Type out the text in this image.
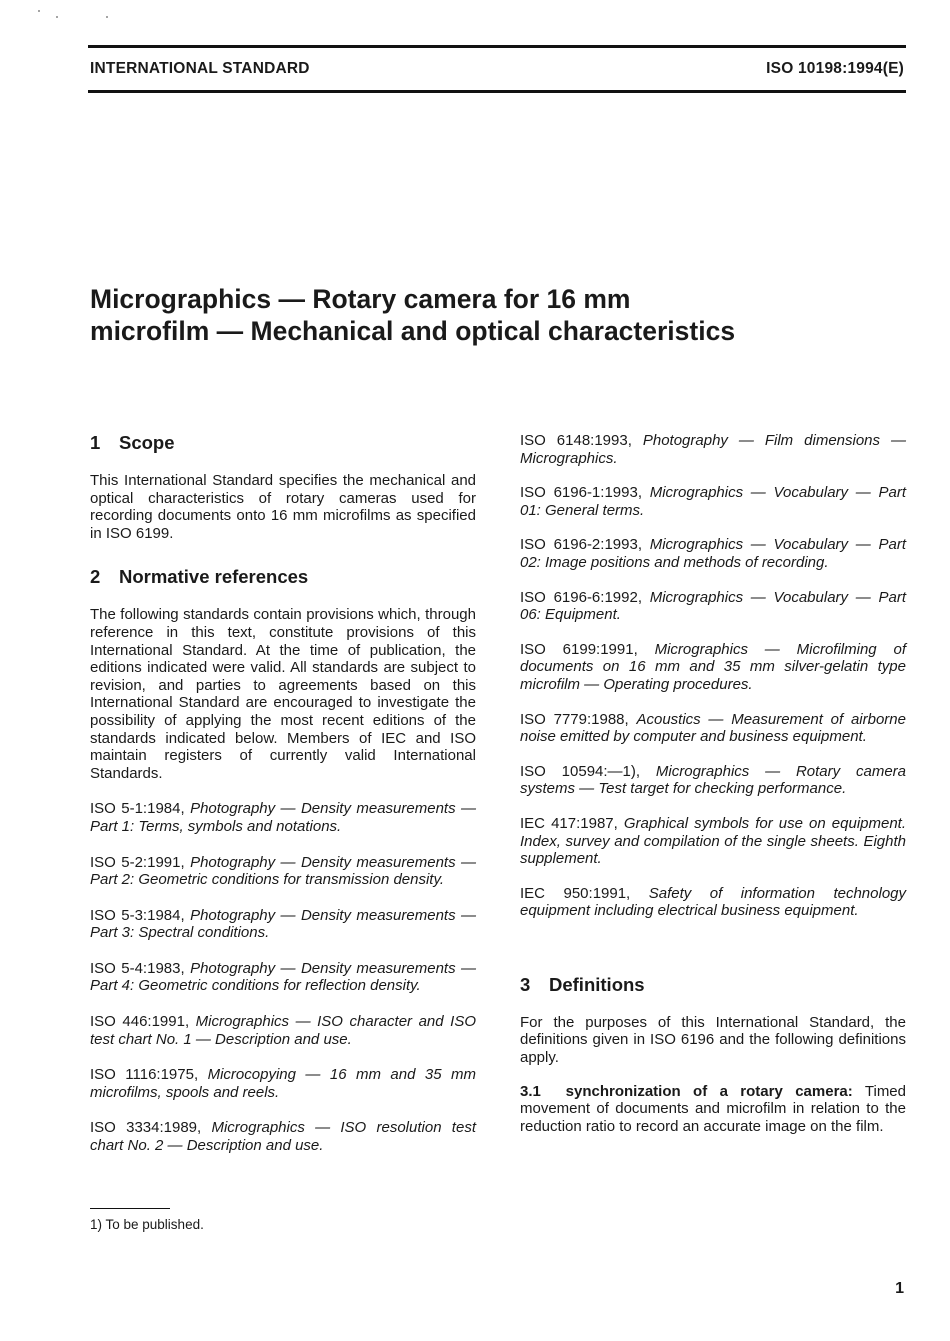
INTERNATIONAL STANDARD	ISO 10198:1994(E)
Micrographics — Rotary camera for 16 mm
microfilm — Mechanical and optical characteristics
1 Scope

This International Standard specifies the mechanical and optical characteristics of rotary cameras used for recording documents onto 16 mm microfilms as specified in ISO 6199.

2 Normative references

The following standards contain provisions which, through reference in this text, constitute provisions of this International Standard. At the time of publication, the editions indicated were valid. All standards are subject to revision, and parties to agreements based on this International Standard are encouraged to investigate the possibility of applying the most recent editions of the standards indicated below. Members of IEC and ISO maintain registers of currently valid International Standards.

ISO 5-1:1984, Photography — Density measurements — Part 1: Terms, symbols and notations.

ISO 5-2:1991, Photography — Density measurements — Part 2: Geometric conditions for transmission density.

ISO 5-3:1984, Photography — Density measurements — Part 3: Spectral conditions.

ISO 5-4:1983, Photography — Density measurements — Part 4: Geometric conditions for reflection density.

ISO 446:1991, Micrographics — ISO character and ISO test chart No. 1 — Description and use.

ISO 1116:1975, Microcopying — 16 mm and 35 mm microfilms, spools and reels.

ISO 3334:1989, Micrographics — ISO resolution test chart No. 2 — Description and use.

ISO 6148:1993, Photography — Film dimensions — Micrographics.

ISO 6196-1:1993, Micrographics — Vocabulary — Part 01: General terms.

ISO 6196-2:1993, Micrographics — Vocabulary — Part 02: Image positions and methods of recording.

ISO 6196-6:1992, Micrographics — Vocabulary — Part 06: Equipment.

ISO 6199:1991, Micrographics — Microfilming of documents on 16 mm and 35 mm silver-gelatin type microfilm — Operating procedures.

ISO 7779:1988, Acoustics — Measurement of airborne noise emitted by computer and business equipment.

ISO 10594:—1), Micrographics — Rotary camera systems — Test target for checking performance.

IEC 417:1987, Graphical symbols for use on equipment. Index, survey and compilation of the single sheets. Eighth supplement.

IEC 950:1991, Safety of information technology equipment including electrical business equipment.

3 Definitions

For the purposes of this International Standard, the definitions given in ISO 6196 and the following definitions apply.

3.1 synchronization of a rotary camera: Timed movement of documents and microfilm in relation to the reduction ratio to record an accurate image on the film.

1) To be published.
1
